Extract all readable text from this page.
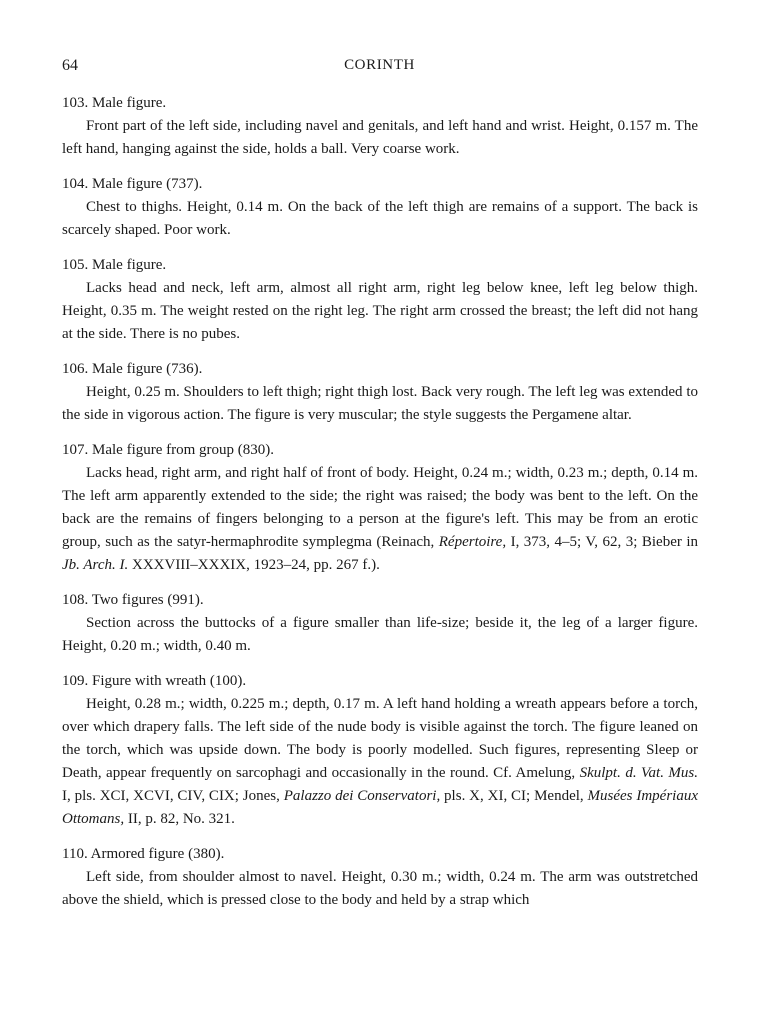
64	CORINTH
103. Male figure.

Front part of the left side, including navel and genitals, and left hand and wrist. Height, 0.157 m. The left hand, hanging against the side, holds a ball. Very coarse work.

104. Male figure (737).

Chest to thighs. Height, 0.14 m. On the back of the left thigh are remains of a support. The back is scarcely shaped. Poor work.

105. Male figure.

Lacks head and neck, left arm, almost all right arm, right leg below knee, left leg below thigh. Height, 0.35 m. The weight rested on the right leg. The right arm crossed the breast; the left did not hang at the side. There is no pubes.

106. Male figure (736).

Height, 0.25 m. Shoulders to left thigh; right thigh lost. Back very rough. The left leg was extended to the side in vigorous action. The figure is very muscular; the style suggests the Pergamene altar.

107. Male figure from group (830).

Lacks head, right arm, and right half of front of body. Height, 0.24 m.; width, 0.23 m.; depth, 0.14 m. The left arm apparently extended to the side; the right was raised; the body was bent to the left. On the back are the remains of fingers belonging to a person at the figure's left. This may be from an erotic group, such as the satyr-hermaphrodite symplegma (Reinach, Répertoire, I, 373, 4–5; V, 62, 3; Bieber in Jb. Arch. I. XXXVIII–XXXIX, 1923–24, pp. 267 f.).

108. Two figures (991).

Section across the buttocks of a figure smaller than life-size; beside it, the leg of a larger figure. Height, 0.20 m.; width, 0.40 m.

109. Figure with wreath (100).

Height, 0.28 m.; width, 0.225 m.; depth, 0.17 m. A left hand holding a wreath appears before a torch, over which drapery falls. The left side of the nude body is visible against the torch. The figure leaned on the torch, which was upside down. The body is poorly modelled. Such figures, representing Sleep or Death, appear frequently on sarcophagi and occasionally in the round. Cf. Amelung, Skulpt. d. Vat. Mus. I, pls. XCI, XCVI, CIV, CIX; Jones, Palazzo dei Conservatori, pls. X, XI, CI; Mendel, Musées Impériaux Ottomans, II, p. 82, No. 321.

110. Armored figure (380).

Left side, from shoulder almost to navel. Height, 0.30 m.; width, 0.24 m. The arm was outstretched above the shield, which is pressed close to the body and held by a strap which
